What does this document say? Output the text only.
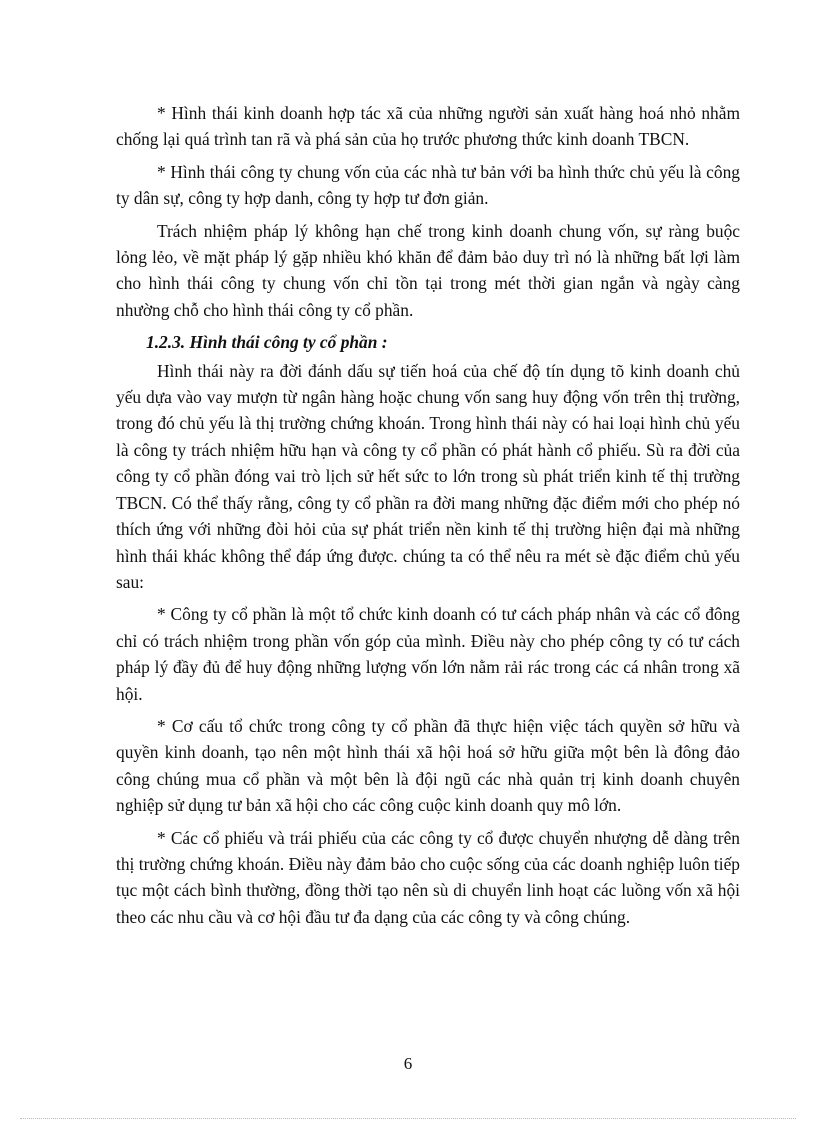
* Hình thái kinh doanh hợp tác xã của những người sản xuất hàng hoá nhỏ nhằm chống lại quá trình tan rã và phá sản của họ trước phương thức kinh doanh TBCN.

* Hình thái công ty chung vốn của các nhà tư bản với ba hình thức chủ yếu là công ty dân sự, công ty hợp danh, công ty hợp tư đơn giản.

Trách nhiệm pháp lý không hạn chế trong kinh doanh chung vốn, sự ràng buộc lỏng lẻo, về mặt pháp lý gặp nhiều khó khăn để đảm bảo duy trì nó là những bất lợi làm cho hình thái công ty chung vốn chỉ tồn tại trong mét thời gian ngắn và ngày càng nhường chỗ cho hình thái công ty cổ phần.

1.2.3. Hình thái công ty cổ phần :

Hình thái này ra đời đánh dấu sự tiến hoá của chế độ tín dụng tõ kinh doanh chủ yếu dựa vào vay mượn từ ngân hàng hoặc chung vốn sang huy động vốn trên thị trường, trong đó chủ yếu là thị trường chứng khoán. Trong hình thái này có hai loại hình chủ yếu là công ty trách nhiệm hữu hạn và công ty cổ phần có phát hành cổ phiếu. Sù ra đời của công ty cổ phần đóng vai trò lịch sử hết sức to lớn trong sù phát triển kinh tế thị trường TBCN. Có thể thấy rằng, công ty cổ phần ra đời mang những đặc điểm mới cho phép nó thích ứng với những đòi hỏi của sự phát triển nền kinh tế thị trường hiện đại mà những hình thái khác không thể đáp ứng được. chúng ta có thể nêu ra mét sè đặc điểm chủ yếu sau:

* Công ty cổ phần là một tổ chức kinh doanh có tư cách pháp nhân và các cổ đông chỉ có trách nhiệm trong phần vốn góp của mình. Điều này cho phép công ty có tư cách pháp lý đầy đủ để huy động những lượng vốn lớn nằm rải rác trong các cá nhân trong xã hội.

* Cơ cấu tổ chức trong công ty cổ phần đã thực hiện việc tách quyền sở hữu và quyền kinh doanh, tạo nên một hình thái xã hội hoá sở hữu giữa một bên là đông đảo công chúng mua cổ phần và một bên là đội ngũ các nhà quản trị kinh doanh chuyên nghiệp sử dụng tư bản xã hội cho các công cuộc kinh doanh quy mô lớn.

* Các cổ phiếu và trái phiếu của các công ty cổ được chuyển nhượng dễ dàng trên thị trường chứng khoán. Điều này đảm bảo cho cuộc sống của các doanh nghiệp luôn tiếp tục một cách bình thường, đồng thời tạo nên sù di chuyển linh hoạt các luồng vốn xã hội theo các nhu cầu và cơ hội đầu tư đa dạng của các công ty và công chúng.

6
